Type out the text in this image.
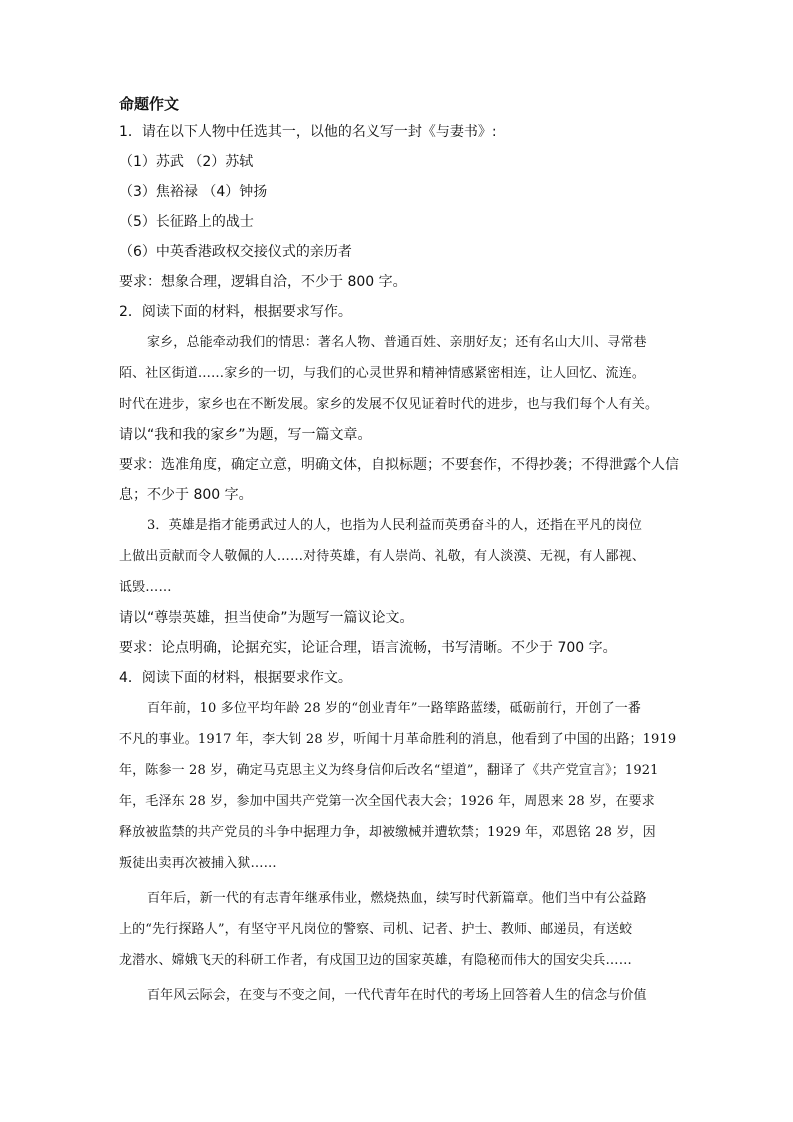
命题作文
1．请在以下人物中任选其一，以他的名义写一封《与妻书》:
（1）苏武 （2）苏轼
（3）焦裕禄 （4）钟扬
（5）长征路上的战士
（6）中英香港政权交接仪式的亲历者
要求：想象合理，逻辑自洽，不少于 800 字。
2．阅读下面的材料，根据要求写作。
家乡，总能牵动我们的情思：著名人物、普通百姓、亲朋好友；还有名山大川、寻常巷
陌、社区街道……家乡的一切，与我们的心灵世界和精神情感紧密相连，让人回忆、流连。
时代在进步，家乡也在不断发展。家乡的发展不仅见证着时代的进步，也与我们每个人有关。
请以“我和我的家乡”为题，写一篇文章。
要求：选准角度，确定立意，明确文体，自拟标题；不要套作，不得抄袭；不得泄露个人信
息；不少于 800 字。
3．英雄是指才能勇武过人的人，也指为人民利益而英勇奋斗的人，还指在平凡的岗位
上做出贡献而令人敬佩的人……对待英雄，有人崇尚、礼敬，有人淡漠、无视，有人鄙视、
诋毁……
请以“尊崇英雄，担当使命”为题写一篇议论文。
要求：论点明确，论据充实，论证合理，语言流畅，书写清晰。不少于 700 字。
4．阅读下面的材料，根据要求作文。
百年前，10 多位平均年龄 28 岁的“创业青年”一路筚路蓝缕，砥砺前行，开创了一番
不凡的事业。1917 年，李大钊 28 岁，听闻十月革命胜利的消息，他看到了中国的出路；1919
年，陈参一 28 岁，确定马克思主义为终身信仰后改名“望道”，翻译了《共产党宣言》；1921
年，毛泽东 28 岁，参加中国共产党第一次全国代表大会；1926 年，周恩来 28 岁，在要求
释放被监禁的共产党员的斗争中据理力争，却被缴械并遭软禁；1929 年，邓恩铭 28 岁，因
叛徒出卖再次被捕入狱……
百年后，新一代的有志青年继承伟业，燃烧热血，续写时代新篇章。他们当中有公益路
上的“先行探路人”，有坚守平凡岗位的警察、司机、记者、护士、教师、邮递员，有送蛟
龙潜水、嫦娥飞天的科研工作者，有戍国卫边的国家英雄，有隐秘而伟大的国安尖兵……
百年风云际会，在变与不变之间，一代代青年在时代的考场上回答着人生的信念与价值
